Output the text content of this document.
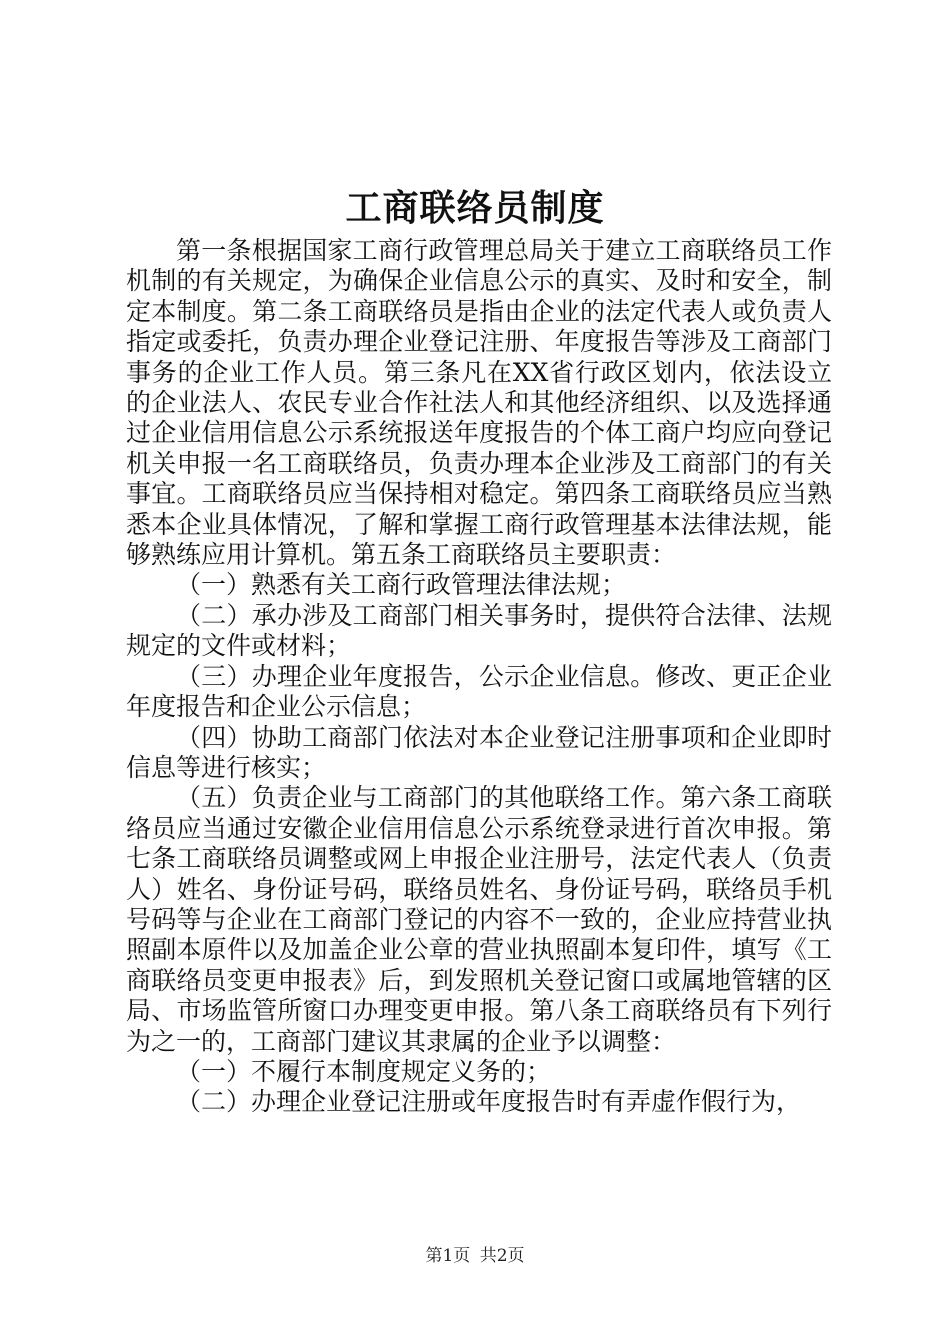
工商联络员制度

第一条根据国家工商行政管理总局关于建立工商联络员工作机制的有关规定，为确保企业信息公示的真实、及时和安全，制定本制度。第二条工商联络员是指由企业的法定代表人或负责人指定或委托，负责办理企业登记注册、年度报告等涉及工商部门事务的企业工作人员。第三条凡在XX省行政区划内，依法设立的企业法人、农民专业合作社法人和其他经济组织、以及选择通过企业信用信息公示系统报送年度报告的个体工商户均应向登记机关申报一名工商联络员，负责办理本企业涉及工商部门的有关事宜。工商联络员应当保持相对稳定。第四条工商联络员应当熟悉本企业具体情况，了解和掌握工商行政管理基本法律法规，能够熟练应用计算机。第五条工商联络员主要职责：

（一）熟悉有关工商行政管理法律法规；

（二）承办涉及工商部门相关事务时，提供符合法律、法规规定的文件或材料；

（三）办理企业年度报告，公示企业信息。修改、更正企业年度报告和企业公示信息；

（四）协助工商部门依法对本企业登记注册事项和企业即时信息等进行核实；

（五）负责企业与工商部门的其他联络工作。第六条工商联络员应当通过安徽企业信用信息公示系统登录进行首次申报。第七条工商联络员调整或网上申报企业注册号，法定代表人（负责人）姓名、身份证号码，联络员姓名、身份证号码，联络员手机号码等与企业在工商部门登记的内容不一致的，企业应持营业执照副本原件以及加盖企业公章的营业执照副本复印件，填写《工商联络员变更申报表》后，到发照机关登记窗口或属地管辖的区局、市场监管所窗口办理变更申报。第八条工商联络员有下列行为之一的，工商部门建议其隶属的企业予以调整：

（一）不履行本制度规定义务的；

（二）办理企业登记注册或年度报告时有弄虚作假行为，

第1页 共2页
